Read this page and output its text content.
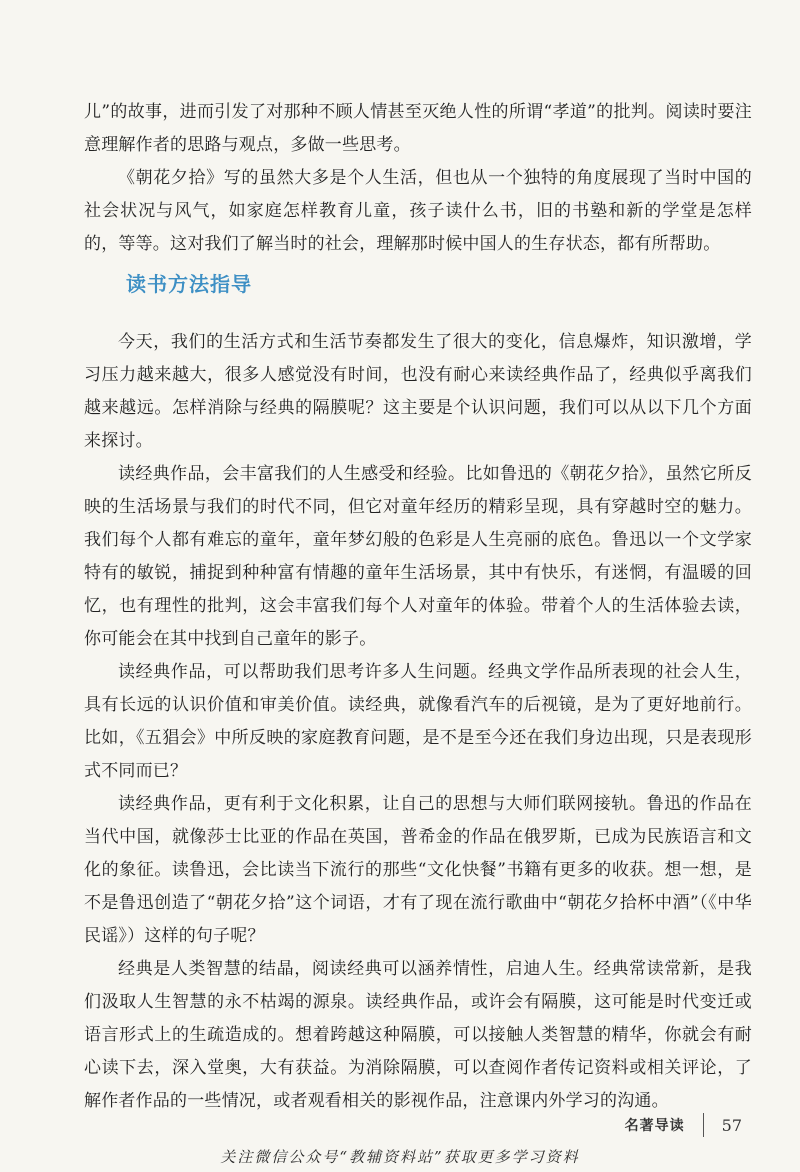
儿”的故事，进而引发了对那种不顾人情甚至灭绝人性的所谓“孝道”的批判。阅读时要注意理解作者的思路与观点，多做一些思考。

《朝花夕拾》写的虽然大多是个人生活，但也从一个独特的角度展现了当时中国的社会状况与风气，如家庭怎样教育儿童，孩子读什么书，旧的书塾和新的学堂是怎样的，等等。这对我们了解当时的社会，理解那时候中国人的生存状态，都有所帮助。

读书方法指导

今天，我们的生活方式和生活节奏都发生了很大的变化，信息爆炸，知识激增，学习压力越来越大，很多人感觉没有时间，也没有耐心来读经典作品了，经典似乎离我们越来越远。怎样消除与经典的隔膜呢？这主要是个认识问题，我们可以从以下几个方面来探讨。

读经典作品，会丰富我们的人生感受和经验。比如鲁迅的《朝花夕拾》，虽然它所反映的生活场景与我们的时代不同，但它对童年经历的精彩呈现，具有穿越时空的魅力。我们每个人都有难忘的童年，童年梦幻般的色彩是人生亮丽的底色。鲁迅以一个文学家特有的敏锐，捕捉到种种富有情趣的童年生活场景，其中有快乐，有迷惘，有温暖的回忆，也有理性的批判，这会丰富我们每个人对童年的体验。带着个人的生活体验去读，你可能会在其中找到自己童年的影子。

读经典作品，可以帮助我们思考许多人生问题。经典文学作品所表现的社会人生，具有长远的认识价值和审美价值。读经典，就像看汽车的后视镜，是为了更好地前行。比如，《五猖会》中所反映的家庭教育问题，是不是至今还在我们身边出现，只是表现形式不同而已？

读经典作品，更有利于文化积累，让自己的思想与大师们联网接轨。鲁迅的作品在当代中国，就像莎士比亚的作品在英国，普希金的作品在俄罗斯，已成为民族语言和文化的象征。读鲁迅，会比读当下流行的那些“文化快餐”书籍有更多的收获。想一想，是不是鲁迅创造了“朝花夕拾”这个词语，才有了现在流行歌曲中“朝花夕拾杯中酒”（《中华民谣》）这样的句子呢？

经典是人类智慧的结晶，阅读经典可以涵养情性，启迪人生。经典常读常新，是我们汲取人生智慧的永不枯竭的源泉。读经典作品，或许会有隔膜，这可能是时代变迁或语言形式上的生疏造成的。想着跨越这种隔膜，可以接触人类智慧的精华，你就会有耐心读下去，深入堂奥，大有获益。为消除隔膜，可以查阅作者传记资料或相关评论，了解作者作品的一些情况，或者观看相关的影视作品，注意课内外学习的沟通。

名著导读 57
关注微信公众号“教辅资料站”获取更多学习资料
